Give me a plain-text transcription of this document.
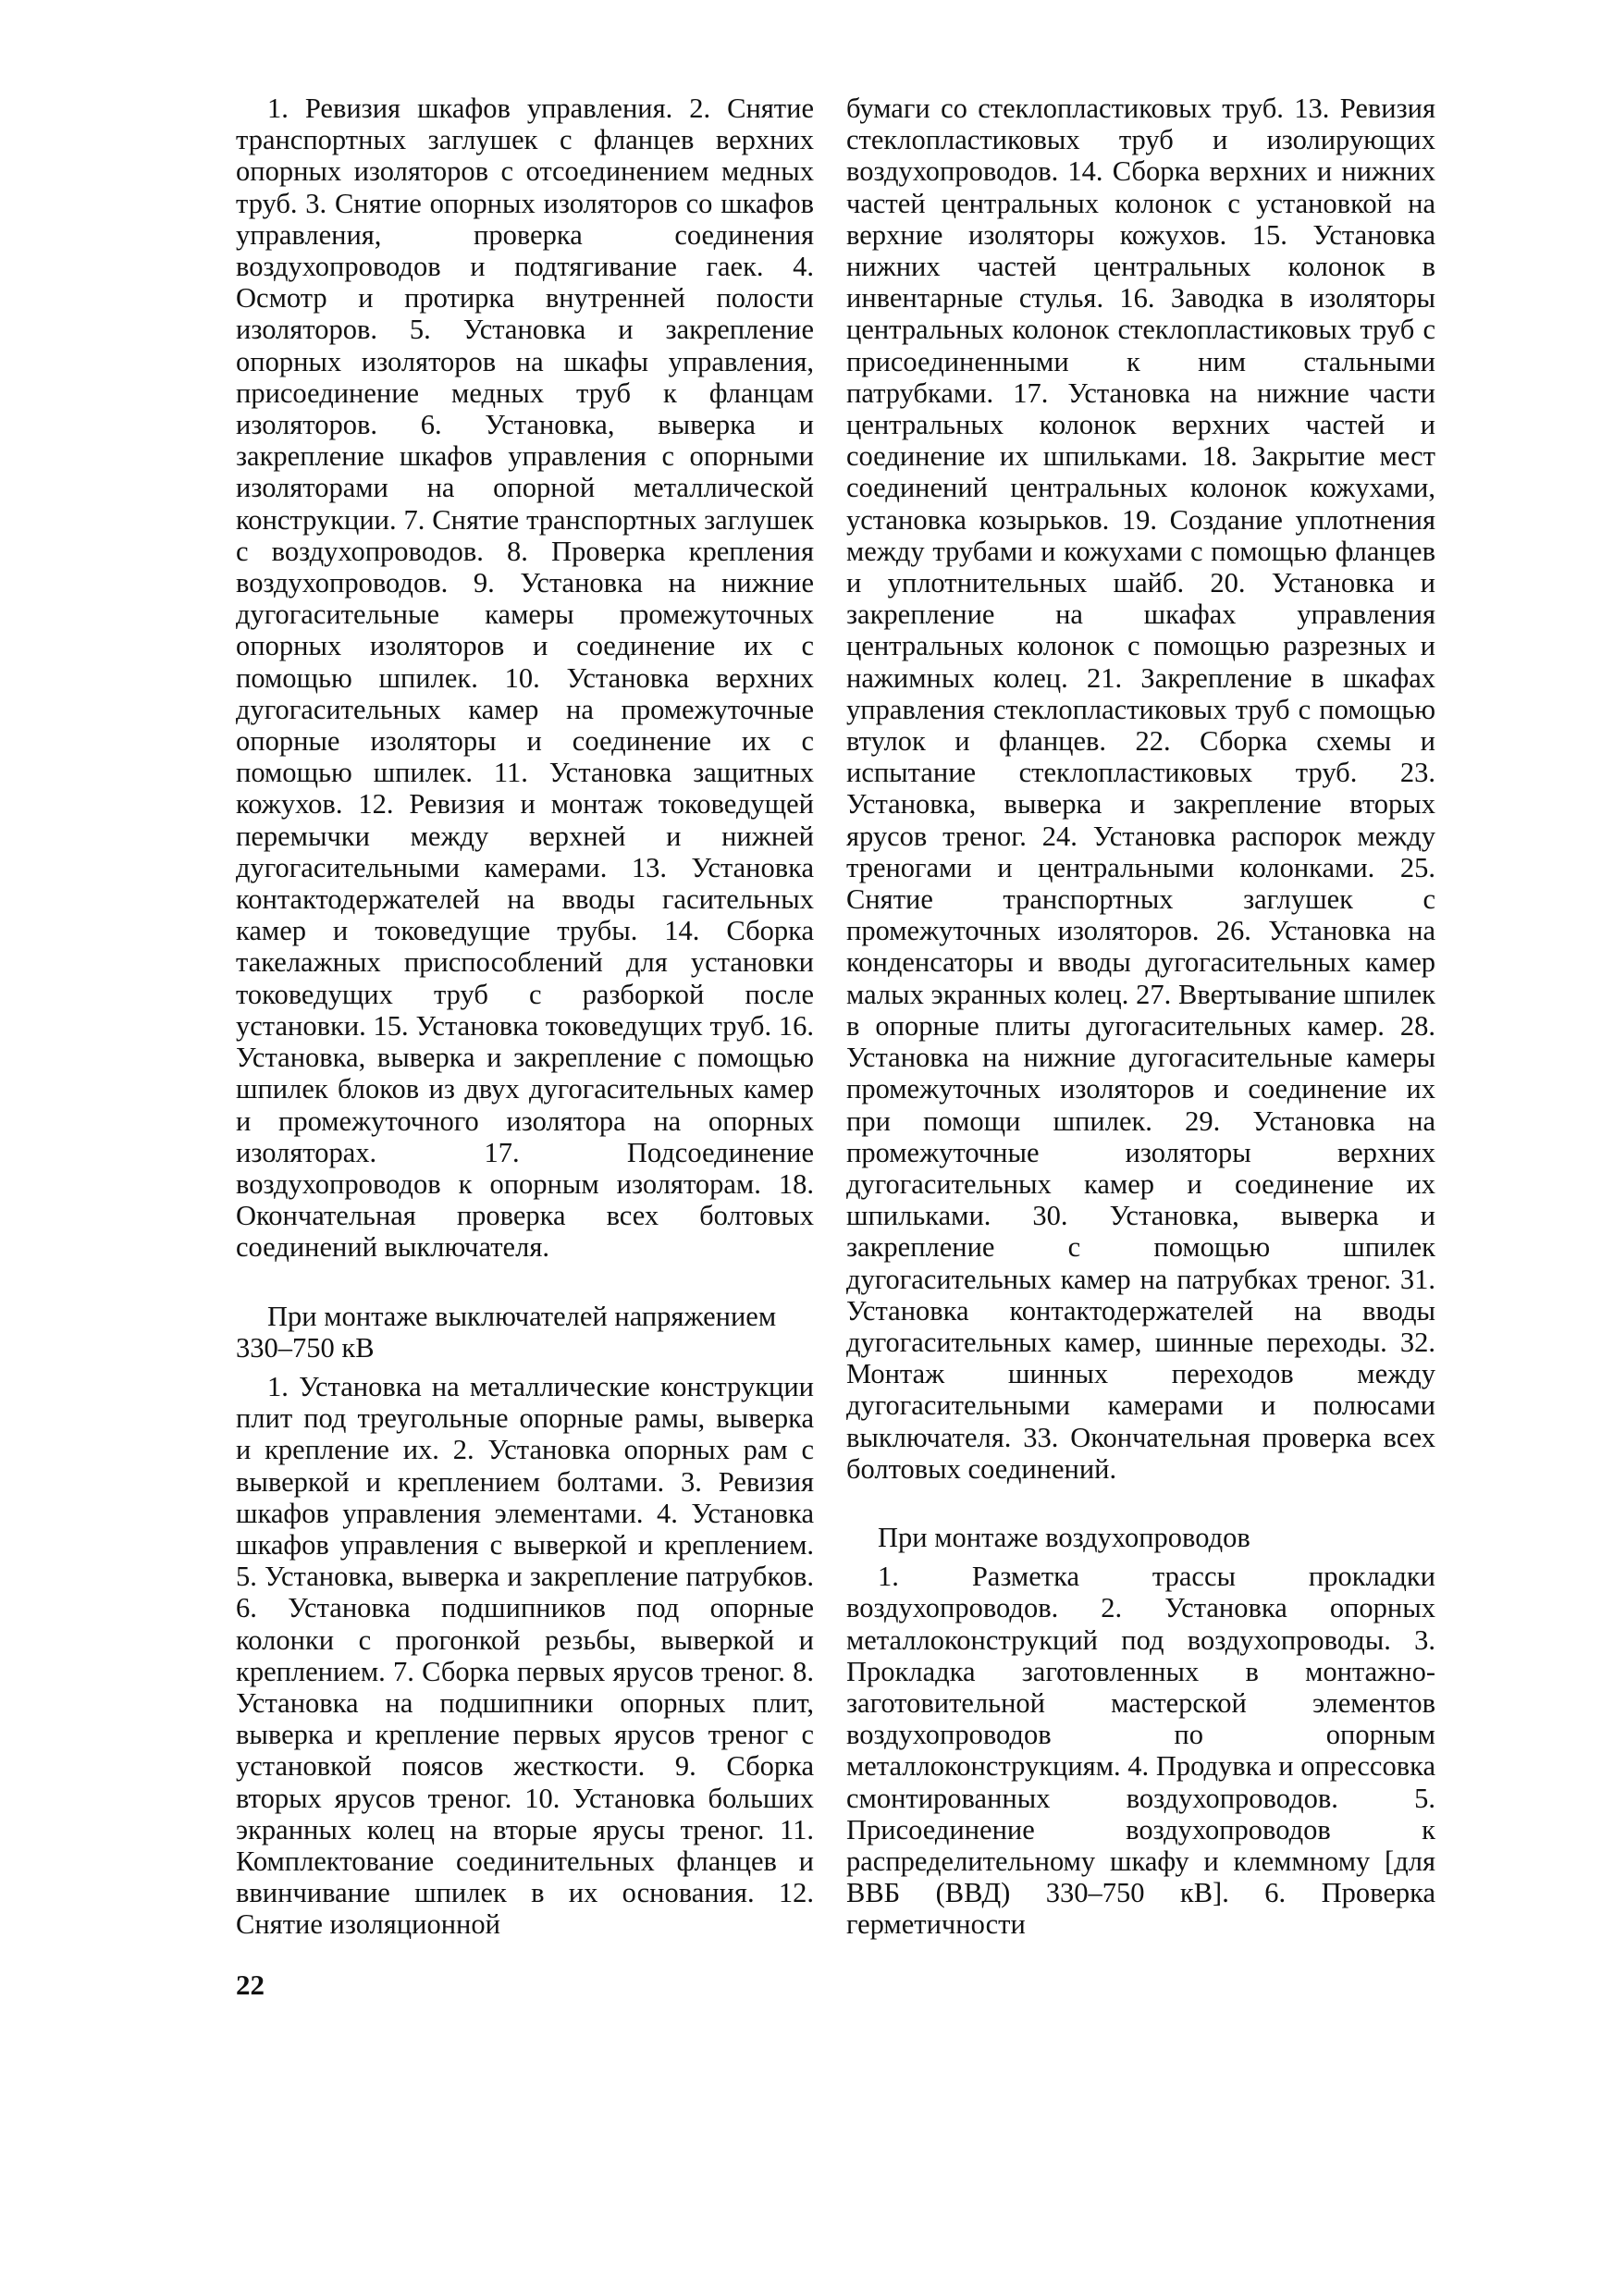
1. Ревизия шкафов управления. 2. Снятие транспортных заглушек с фланцев верхних опорных изоляторов с отсоединением медных труб. 3. Снятие опорных изоляторов со шкафов управления, проверка соединения воздухопроводов и подтягивание гаек. 4. Осмотр и протирка внутренней полости изоляторов. 5. Установка и закрепление опорных изоляторов на шкафы управления, присоединение медных труб к фланцам изоляторов. 6. Установка, выверка и закрепление шкафов управления с опорными изоляторами на опорной металлической конструкции. 7. Снятие транспортных заглушек с воздухопроводов. 8. Проверка крепления воздухопроводов. 9. Установка на нижние дугогасительные камеры промежуточных опорных изоляторов и соединение их с помощью шпилек. 10. Установка верхних дугогасительных камер на промежуточные опорные изоляторы и соединение их с помощью шпилек. 11. Установка защитных кожухов. 12. Ревизия и монтаж токоведущей перемычки между верхней и нижней дугогасительными камерами. 13. Установка контактодержателей на вводы гасительных камер и токоведущие трубы. 14. Сборка такелажных приспособлений для установки токоведущих труб с разборкой после установки. 15. Установка токоведущих труб. 16. Установка, выверка и закрепление с помощью шпилек блоков из двух дугогасительных камер и промежуточного изолятора на опорных изоляторах. 17. Подсоединение воздухопроводов к опорным изоляторам. 18. Окончательная проверка всех болтовых соединений выключателя.

При монтаже выключателей напряжением 330–750 кВ

1. Установка на металлические конструкции плит под треугольные опорные рамы, выверка и крепление их. 2. Установка опорных рам с выверкой и креплением болтами. 3. Ревизия шкафов управления элементами. 4. Установка шкафов управления с выверкой и креплением. 5. Установка, выверка и закрепление патрубков. 6. Установка подшипников под опорные колонки с прогонкой резьбы, выверкой и креплением. 7. Сборка первых ярусов треног. 8. Установка на подшипники опорных плит, выверка и крепление первых ярусов треног с установкой поясов жесткости. 9. Сборка вторых ярусов треног. 10. Установка больших экранных колец на вторые ярусы треног. 11. Комплектование соединительных фланцев и ввинчивание шпилек в их основания. 12. Снятие изоляционной

бумаги со стеклопластиковых труб. 13. Ревизия стеклопластиковых труб и изолирующих воздухопроводов. 14. Сборка верхних и нижних частей центральных колонок с установкой на верхние изоляторы кожухов. 15. Установка нижних частей центральных колонок в инвентарные стулья. 16. Заводка в изоляторы центральных колонок стеклопластиковых труб с присоединенными к ним стальными патрубками. 17. Установка на нижние части центральных колонок верхних частей и соединение их шпильками. 18. Закрытие мест соединений центральных колонок кожухами, установка козырьков. 19. Создание уплотнения между трубами и кожухами с помощью фланцев и уплотнительных шайб. 20. Установка и закрепление на шкафах управления центральных колонок с помощью разрезных и нажимных колец. 21. Закрепление в шкафах управления стеклопластиковых труб с помощью втулок и фланцев. 22. Сборка схемы и испытание стеклопластиковых труб. 23. Установка, выверка и закрепление вторых ярусов треног. 24. Установка распорок между треногами и центральными колонками. 25. Снятие транспортных заглушек с промежуточных изоляторов. 26. Установка на конденсаторы и вводы дугогасительных камер малых экранных колец. 27. Ввертывание шпилек в опорные плиты дугогасительных камер. 28. Установка на нижние дугогасительные камеры промежуточных изоляторов и соединение их при помощи шпилек. 29. Установка на промежуточные изоляторы верхних дугогасительных камер и соединение их шпильками. 30. Установка, выверка и закрепление с помощью шпилек дугогасительных камер на патрубках треног. 31. Установка контактодержателей на вводы дугогасительных камер, шинные переходы. 32. Монтаж шинных переходов между дугогасительными камерами и полюсами выключателя. 33. Окончательная проверка всех болтовых соединений.

При монтаже воздухопроводов

1. Разметка трассы прокладки воздухопроводов. 2. Установка опорных металлоконструкций под воздухопроводы. 3. Прокладка заготовленных в монтажно-заготовительной мастерской элементов воздухопроводов по опорным металлоконструкциям. 4. Продувка и опрессовка смонтированных воздухопроводов. 5. Присоединение воздухопроводов к распределительному шкафу и клеммному [для ВВБ (ВВД) 330–750 кВ]. 6. Проверка герметичности

22
